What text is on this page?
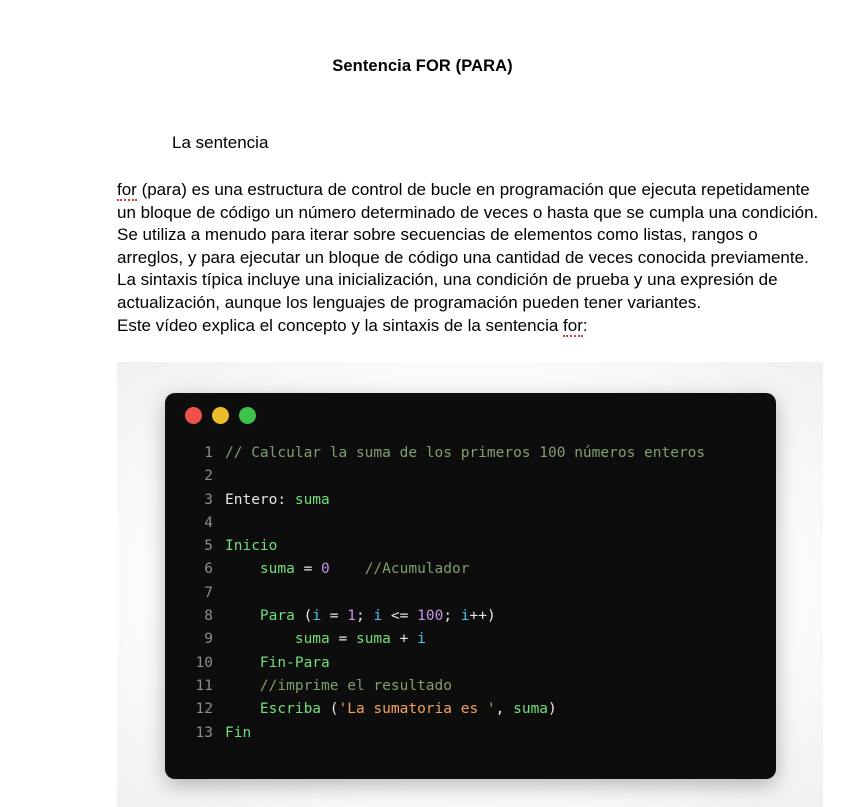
Sentencia FOR (PARA)
La sentencia

for (para) es una estructura de control de bucle en programación que ejecuta repetidamente un bloque de código un número determinado de veces o hasta que se cumpla una condición. Se utiliza a menudo para iterar sobre secuencias de elementos como listas, rangos o arreglos, y para ejecutar un bloque de código una cantidad de veces conocida previamente. La sintaxis típica incluye una inicialización, una condición de prueba y una expresión de actualización, aunque los lenguajes de programación pueden tener variantes.

Este vídeo explica el concepto y la sintaxis de la sentencia for:

1 // Calcular la suma de los primeros 100 números enteros
2
3 Entero: suma
4
5 Inicio
6	suma = 0 //Acumulador
7
8	Para (i = 1; i <= 100; i++)
9	suma = suma + i
10	Fin-Para
11	//imprime el resultado
12	Escriba ('La sumatoria es ', suma)
13 Fin
